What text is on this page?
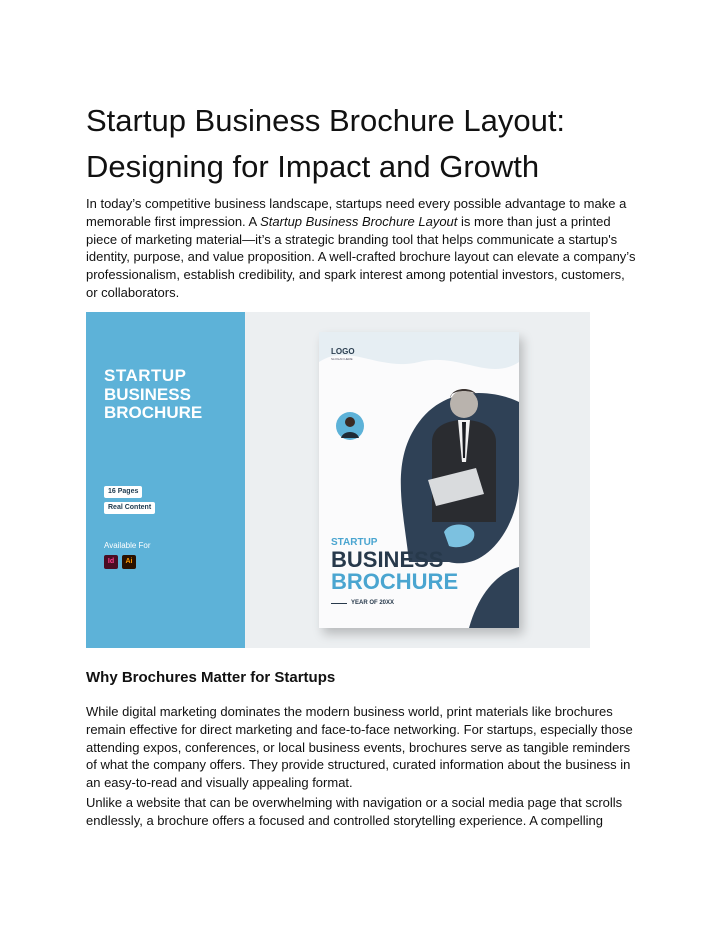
Startup Business Brochure Layout:
Designing for Impact and Growth

In today’s competitive business landscape, startups need every possible advantage to make a memorable first impression. A Startup Business Brochure Layout is more than just a printed piece of marketing material—it’s a strategic branding tool that helps communicate a startup's identity, purpose, and value proposition. A well-crafted brochure layout can elevate a company’s professionalism, establish credibility, and spark interest among potential investors, customers, or collaborators.

STARTUP
BUSINESS
BROCHURE
16 Pages
Real Content
Available For
Id	Ai
LOGO
SLOGAN HERE
STARTUP
BUSINESS
BROCHURE
YEAR OF 20XX
Why Brochures Matter for Startups

While digital marketing dominates the modern business world, print materials like brochures remain effective for direct marketing and face-to-face networking. For startups, especially those attending expos, conferences, or local business events, brochures serve as tangible reminders of what the company offers. They provide structured, curated information about the business in an easy-to-read and visually appealing format.

Unlike a website that can be overwhelming with navigation or a social media page that scrolls endlessly, a brochure offers a focused and controlled storytelling experience. A compelling
